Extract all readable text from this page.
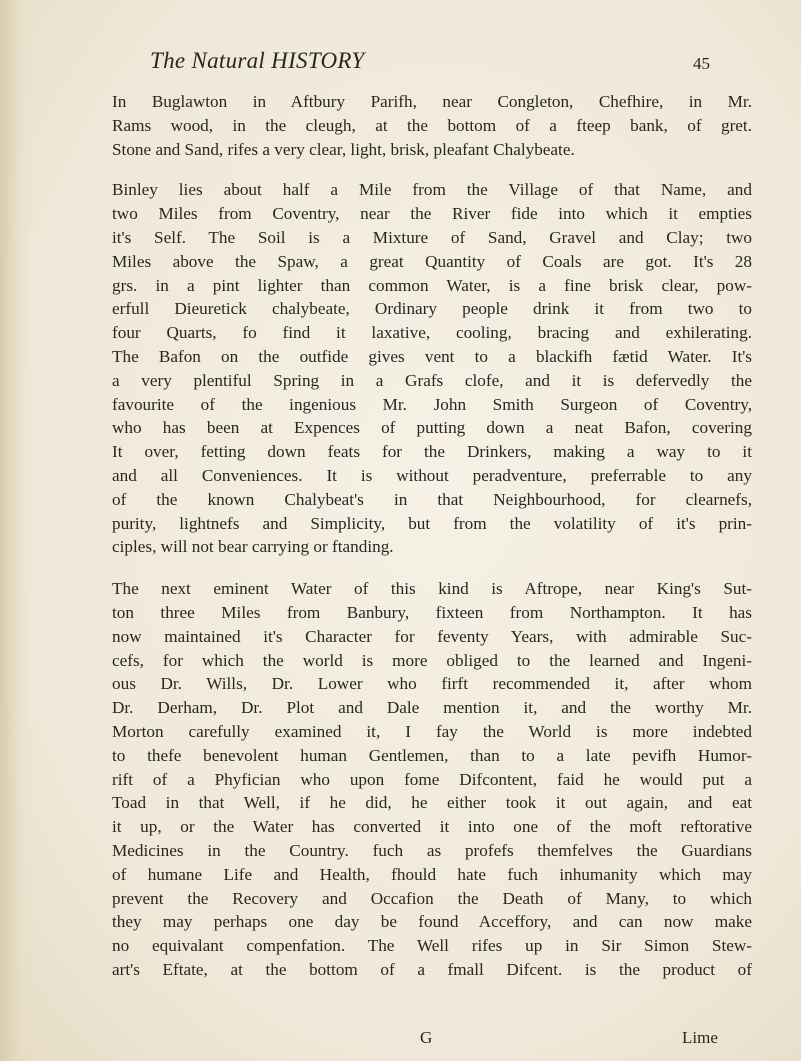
The Natural HISTORY	45
In Buglawton in Aftbury Parifh, near Congleton, Chefhire, in Mr.
Rams wood, in the cleugh, at the bottom of a fteep bank, of gret.
Stone and Sand, rifes a very clear, light, brisk, pleafant Chalybeate.
Binley lies about half a Mile from the Village of that Name, and
two Miles from Coventry, near the River fide into which it empties
it's Self. The Soil is a Mixture of Sand, Gravel and Clay; two
Miles above the Spaw, a great Quantity of Coals are got. It's 28
grs. in a pint lighter than common Water, is a fine brisk clear, pow-
erfull Dieuretick chalybeate, Ordinary people drink it from two to
four Quarts, fo find it laxative, cooling, bracing and exhilerating.
The Bafon on the outfide gives vent to a blackifh fætid Water. It's
a very plentiful Spring in a Grafs clofe, and it is defervedly the
favourite of the ingenious Mr. John Smith Surgeon of Coventry,
who has been at Expences of putting down a neat Bafon, covering
It over, fetting down feats for the Drinkers, making a way to it
and all Conveniences. It is without peradventure, preferrable to any
of the known Chalybeat's in that Neighbourhood, for clearnefs,
purity, lightnefs and Simplicity, but from the volatility of it's prin-
ciples, will not bear carrying or ftanding.
The next eminent Water of this kind is Aftrope, near King's Sut-
ton three Miles from Banbury, fixteen from Northampton. It has
now maintained it's Character for feventy Years, with admirable Suc-
cefs, for which the world is more obliged to the learned and Ingeni-
ous Dr. Wills, Dr. Lower who firft recommended it, after whom
Dr. Derham, Dr. Plot and Dale mention it, and the worthy Mr.
Morton carefully examined it, I fay the World is more indebted
to thefe benevolent human Gentlemen, than to a late pevifh Humor-
rift of a Phyfician who upon fome Difcontent, faid he would put a
Toad in that Well, if he did, he either took it out again, and eat
it up, or the Water has converted it into one of the moft reftorative
Medicines in the Country. fuch as profefs themfelves the Guardians
of humane Life and Health, fhould hate fuch inhumanity which may
prevent the Recovery and Occafion the Death of Many, to which
they may perhaps one day be found Acceffory, and can now make
no equivalant compenfation. The Well rifes up in Sir Simon Stew-
art's Eftate, at the bottom of a fmall Difcent. is the product of
G	Lime
